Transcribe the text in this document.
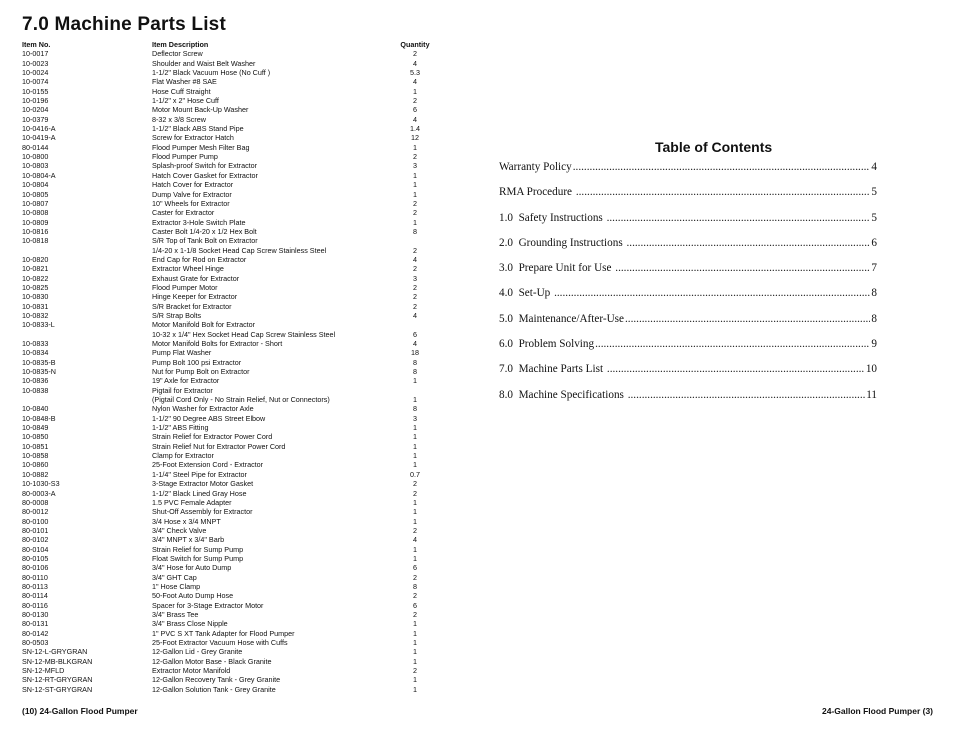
7.0 Machine Parts List
Item No.	Item Description	Quantity
10-0017	Deflector Screw	2
10-0023	Shoulder and Waist Belt Washer	4
10-0024	1-1/2" Black Vacuum Hose (No Cuff )	5.3
10-0074	Flat Washer #8 SAE	4
10-0155	Hose Cuff Straight	1
10-0196	1-1/2" x 2" Hose Cuff	2
10-0204	Motor Mount Back-Up Washer	6
10-0379	8-32 x 3/8 Screw	4
10-0416-A	1-1/2" Black ABS Stand Pipe	1.4
10-0419-A	Screw for Extractor Hatch	12
80-0144	Flood Pumper Mesh Filter Bag	1
10-0800	Flood Pumper Pump	2
10-0803	Splash-proof Switch for Extractor	3
10-0804-A	Hatch Cover Gasket for Extractor	1
10-0804	Hatch Cover for Extractor	1
10-0805	Dump Valve for Extractor	1
10-0807	10" Wheels for Extractor	2
10-0808	Caster for Extractor	2
10-0809	Extractor 3-Hole Switch Plate	1
10-0816	Caster Bolt 1/4-20 x 1/2 Hex Bolt	8
10-0818	S/R Top of Tank Bolt on Extractor
1/4-20 x 1-1/8 Socket Head Cap Screw Stainless Steel	2
10-0820	End Cap for Rod on Extractor	4
10-0821	Extractor Wheel Hinge	2
10-0822	Exhaust Grate for Extractor	3
10-0825	Flood Pumper Motor	2
10-0830	Hinge Keeper for Extractor	2
10-0831	S/R Bracket for Extractor	2
10-0832	S/R Strap Bolts	4
10-0833-L	Motor Manifold Bolt for Extractor
10-32 x 1/4" Hex Socket Head Cap Screw Stainless Steel	6
10-0833	Motor Manifold Bolts for Extractor - Short	4
10-0834	Pump Flat Washer	18
10-0835-B	Pump Bolt 100 psi Extractor	8
10-0835-N	Nut for Pump Bolt on Extractor	8
10-0836	19" Axle for Extractor	1
10-0838	Pigtail for Extractor
(Pigtail Cord Only - No Strain Relief, Nut or Connectors)	1
10-0840	Nylon Washer for Extractor Axle	8
10-0848-B	1-1/2" 90 Degree ABS Street Elbow	3
10-0849	1-1/2" ABS Fitting	1
10-0850	Strain Relief for Extractor Power Cord	1
10-0851	Strain Relief Nut for Extractor Power Cord	1
10-0858	Clamp for Extractor	1
10-0860	25-Foot Extension Cord - Extractor	1
10-0882	1-1/4" Steel Pipe for Extractor	0.7
10-1030-S3	3-Stage Extractor Motor Gasket	2
80-0003-A	1-1/2" Black Lined Gray Hose	2
80-0008	1.5 PVC Female Adapter	1
80-0012	Shut-Off Assembly for Extractor	1
80-0100	3/4 Hose x 3/4 MNPT	1
80-0101	3/4" Check Valve	2
80-0102	3/4" MNPT x 3/4" Barb	4
80-0104	Strain Relief for Sump Pump	1
80-0105	Float Switch for Sump Pump	1
80-0106	3/4" Hose for Auto Dump	6
80-0110	3/4" GHT Cap	2
80-0113	1" Hose Clamp	8
80-0114	50-Foot Auto Dump Hose	2
80-0116	Spacer for 3-Stage Extractor Motor	6
80-0130	3/4" Brass Tee	2
80-0131	3/4" Brass Close Nipple	1
80-0142	1" PVC S XT Tank Adapter for Flood Pumper	1
80-0503	25-Foot Extractor Vacuum Hose with Cuffs	1
SN-12-L-GRYGRAN	12-Gallon Lid - Grey Granite	1
SN-12-MB-BLKGRAN	12-Gallon Motor Base - Black Granite	1
SN-12-MFLD	Extractor Motor Manifold	2
SN-12-RT-GRYGRAN	12-Gallon Recovery Tank - Grey Granite	1
SN-12-ST-GRYGRAN	12-Gallon Solution Tank - Grey Granite	1
Table of Contents
Warranty Policy .....	4
RMA Procedure .....	5
1.0  Safety Instructions .....	5
2.0  Grounding Instructions .....	6
3.0  Prepare Unit for Use .....	7
4.0  Set-Up .....	8
5.0  Maintenance/After-Use .....	8
6.0  Problem Solving .....	9
7.0  Machine Parts List .....	10
8.0  Machine Specifications .....	11
(10) 24-Gallon Flood Pumper	24-Gallon Flood Pumper (3)
